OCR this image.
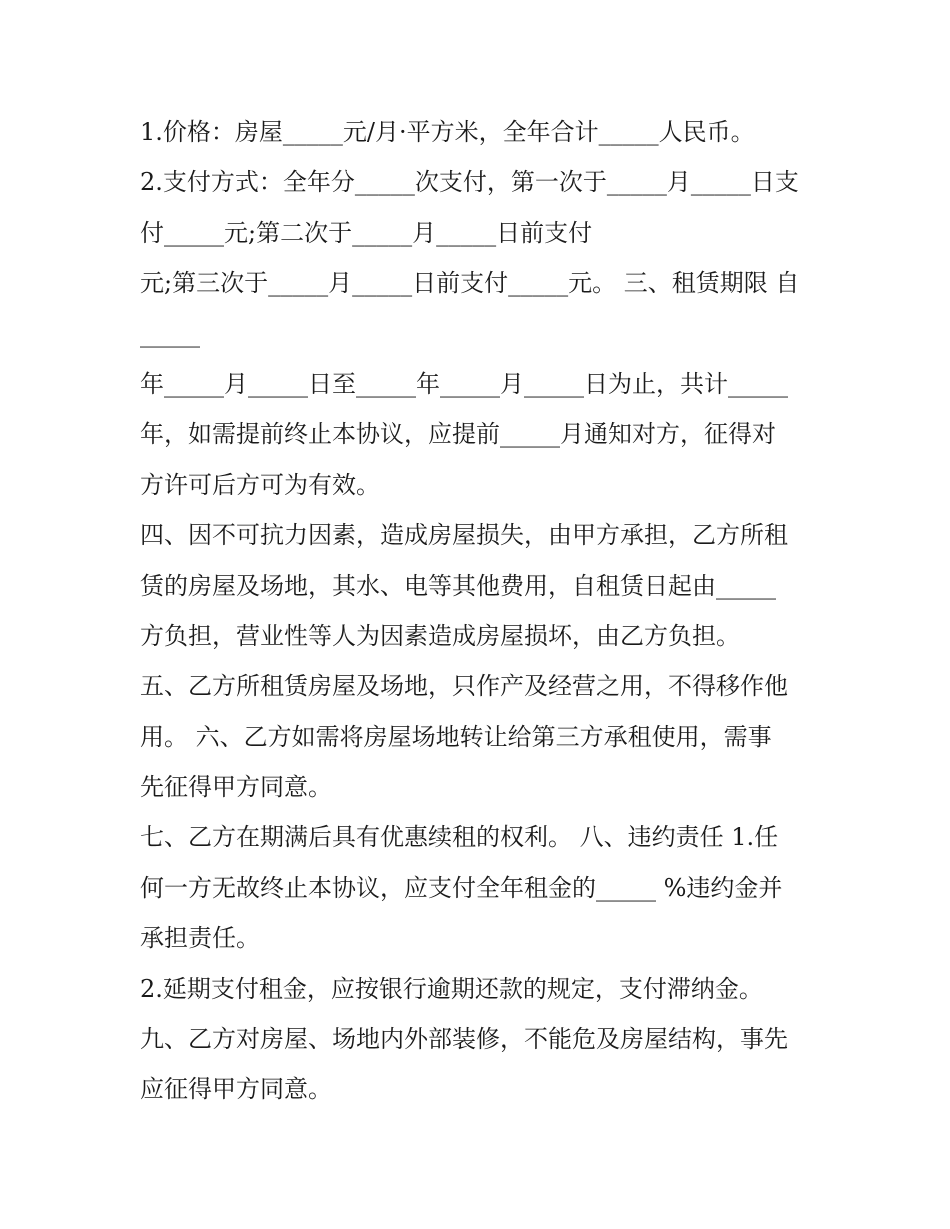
1.价格：房屋_____元/月·平方米，全年合计_____人民币。

2.支付方式：全年分_____次支付，第一次于_____月_____日支

付_____元;第二次于_____月_____日前支付

元;第三次于_____月_____日前支付_____元。 三、租赁期限 自

_____

年_____月_____日至_____年_____月_____日为止，共计_____

年，如需提前终止本协议，应提前_____月通知对方，征得对

方许可后方可为有效。

四、因不可抗力因素，造成房屋损失，由甲方承担，乙方所租

赁的房屋及场地，其水、电等其他费用，自租赁日起由_____

方负担，营业性等人为因素造成房屋损坏，由乙方负担。

五、乙方所租赁房屋及场地，只作产及经营之用，不得移作他

用。 六、乙方如需将房屋场地转让给第三方承租使用，需事

先征得甲方同意。

七、乙方在期满后具有优惠续租的权利。 八、违约责任 1.任

何一方无故终止本协议，应支付全年租金的_____ %违约金并

承担责任。

2.延期支付租金，应按银行逾期还款的规定，支付滞纳金。

九、乙方对房屋、场地内外部装修，不能危及房屋结构，事先

应征得甲方同意。
